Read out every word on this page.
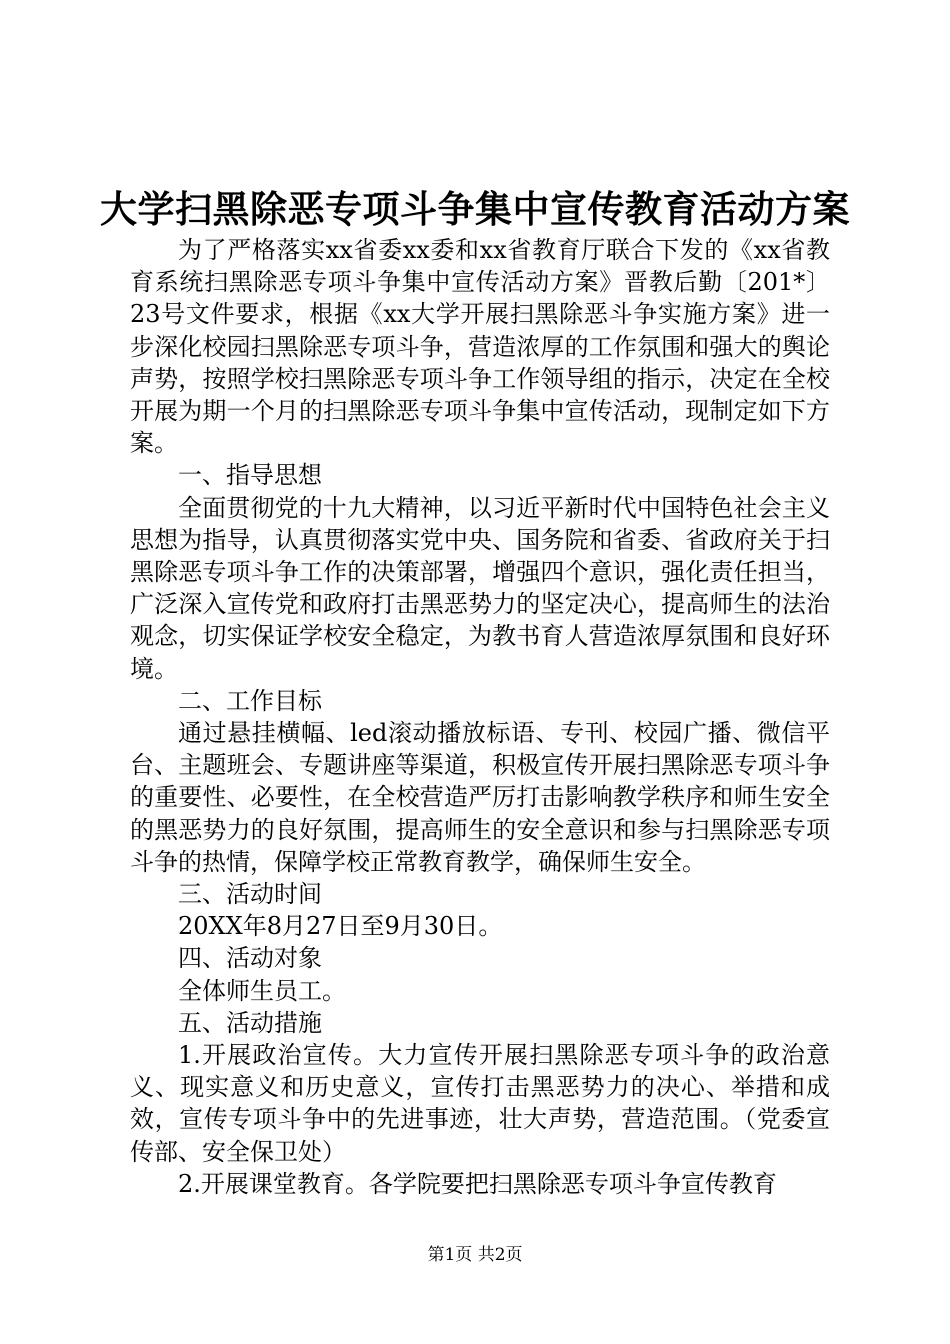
大学扫黑除恶专项斗争集中宣传教育活动方案

为了严格落实xx省委xx委和xx省教育厅联合下发的《xx省教育系统扫黑除恶专项斗争集中宣传活动方案》晋教后勤〔201*〕23号文件要求，根据《xx大学开展扫黑除恶斗争实施方案》进一步深化校园扫黑除恶专项斗争，营造浓厚的工作氛围和强大的舆论声势，按照学校扫黑除恶专项斗争工作领导组的指示，决定在全校开展为期一个月的扫黑除恶专项斗争集中宣传活动，现制定如下方案。

一、指导思想

全面贯彻党的十九大精神，以习近平新时代中国特色社会主义思想为指导，认真贯彻落实党中央、国务院和省委、省政府关于扫黑除恶专项斗争工作的决策部署，增强四个意识，强化责任担当，广泛深入宣传党和政府打击黑恶势力的坚定决心，提高师生的法治观念，切实保证学校安全稳定，为教书育人营造浓厚氛围和良好环境。

二、工作目标

通过悬挂横幅、led滚动播放标语、专刊、校园广播、微信平台、主题班会、专题讲座等渠道，积极宣传开展扫黑除恶专项斗争的重要性、必要性，在全校营造严厉打击影响教学秩序和师生安全的黑恶势力的良好氛围，提高师生的安全意识和参与扫黑除恶专项斗争的热情，保障学校正常教育教学，确保师生安全。

三、活动时间

20XX年8月27日至9月30日。

四、活动对象

全体师生员工。

五、活动措施

1.开展政治宣传。大力宣传开展扫黑除恶专项斗争的政治意义、现实意义和历史意义，宣传打击黑恶势力的决心、举措和成效，宣传专项斗争中的先进事迹，壮大声势，营造范围。（党委宣传部、安全保卫处）

2.开展课堂教育。各学院要把扫黑除恶专项斗争宣传教育

第1页 共2页
